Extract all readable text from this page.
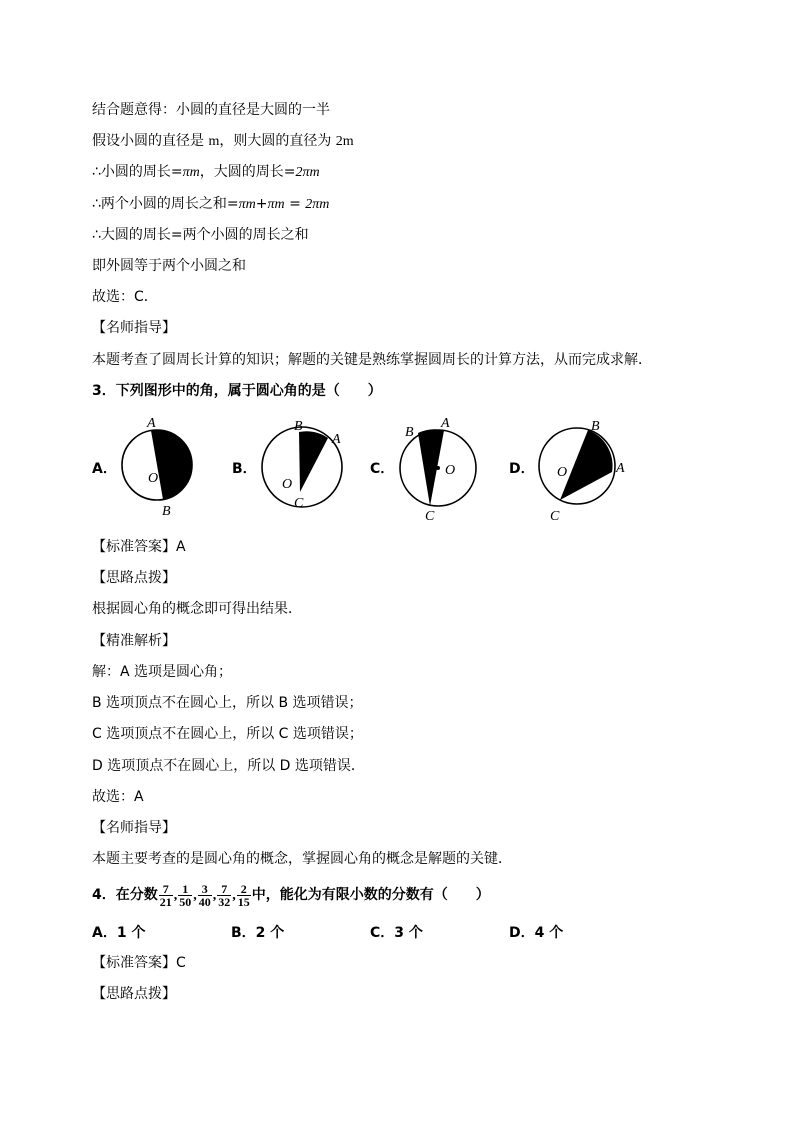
结合题意得：小圆的直径是大圆的一半
假设小圆的直径是 m，则大圆的直径为 2m
∴小圆的周长=πm，大圆的周长=2πm
∴两个小圆的周长之和=πm+πm = 2πm
∴大圆的周长=两个小圆的周长之和
即外圆等于两个小圆之和
故选：C．
【名师指导】
本题考查了圆周长计算的知识；解题的关键是熟练掌握圆周长的计算方法，从而完成求解．
3．下列图形中的角，属于圆心角的是（　　）
A．	B．	C．	D．
A
O
B
B
A
O
C
B
A
O
C
B
A
O
C
【标准答案】A
【思路点拨】
根据圆心角的概念即可得出结果．
【精准解析】
解：A 选项是圆心角；
B 选项顶点不在圆心上，所以 B 选项错误；
C 选项顶点不在圆心上，所以 C 选项错误；
D 选项顶点不在圆心上，所以 D 选项错误．
故选：A
【名师指导】
本题主要考查的是圆心角的概念，掌握圆心角的概念是解题的关键．
4．在分数 $\frac{7}{21}$ , $\frac{1}{50}$ , $\frac{3}{40}$ , $\frac{7}{32}$ , $\frac{2}{15}$ 中，能化为有限小数的分数有（　　）
A．1 个	B．2 个	C．3 个	D．4 个
【标准答案】C
【思路点拨】
